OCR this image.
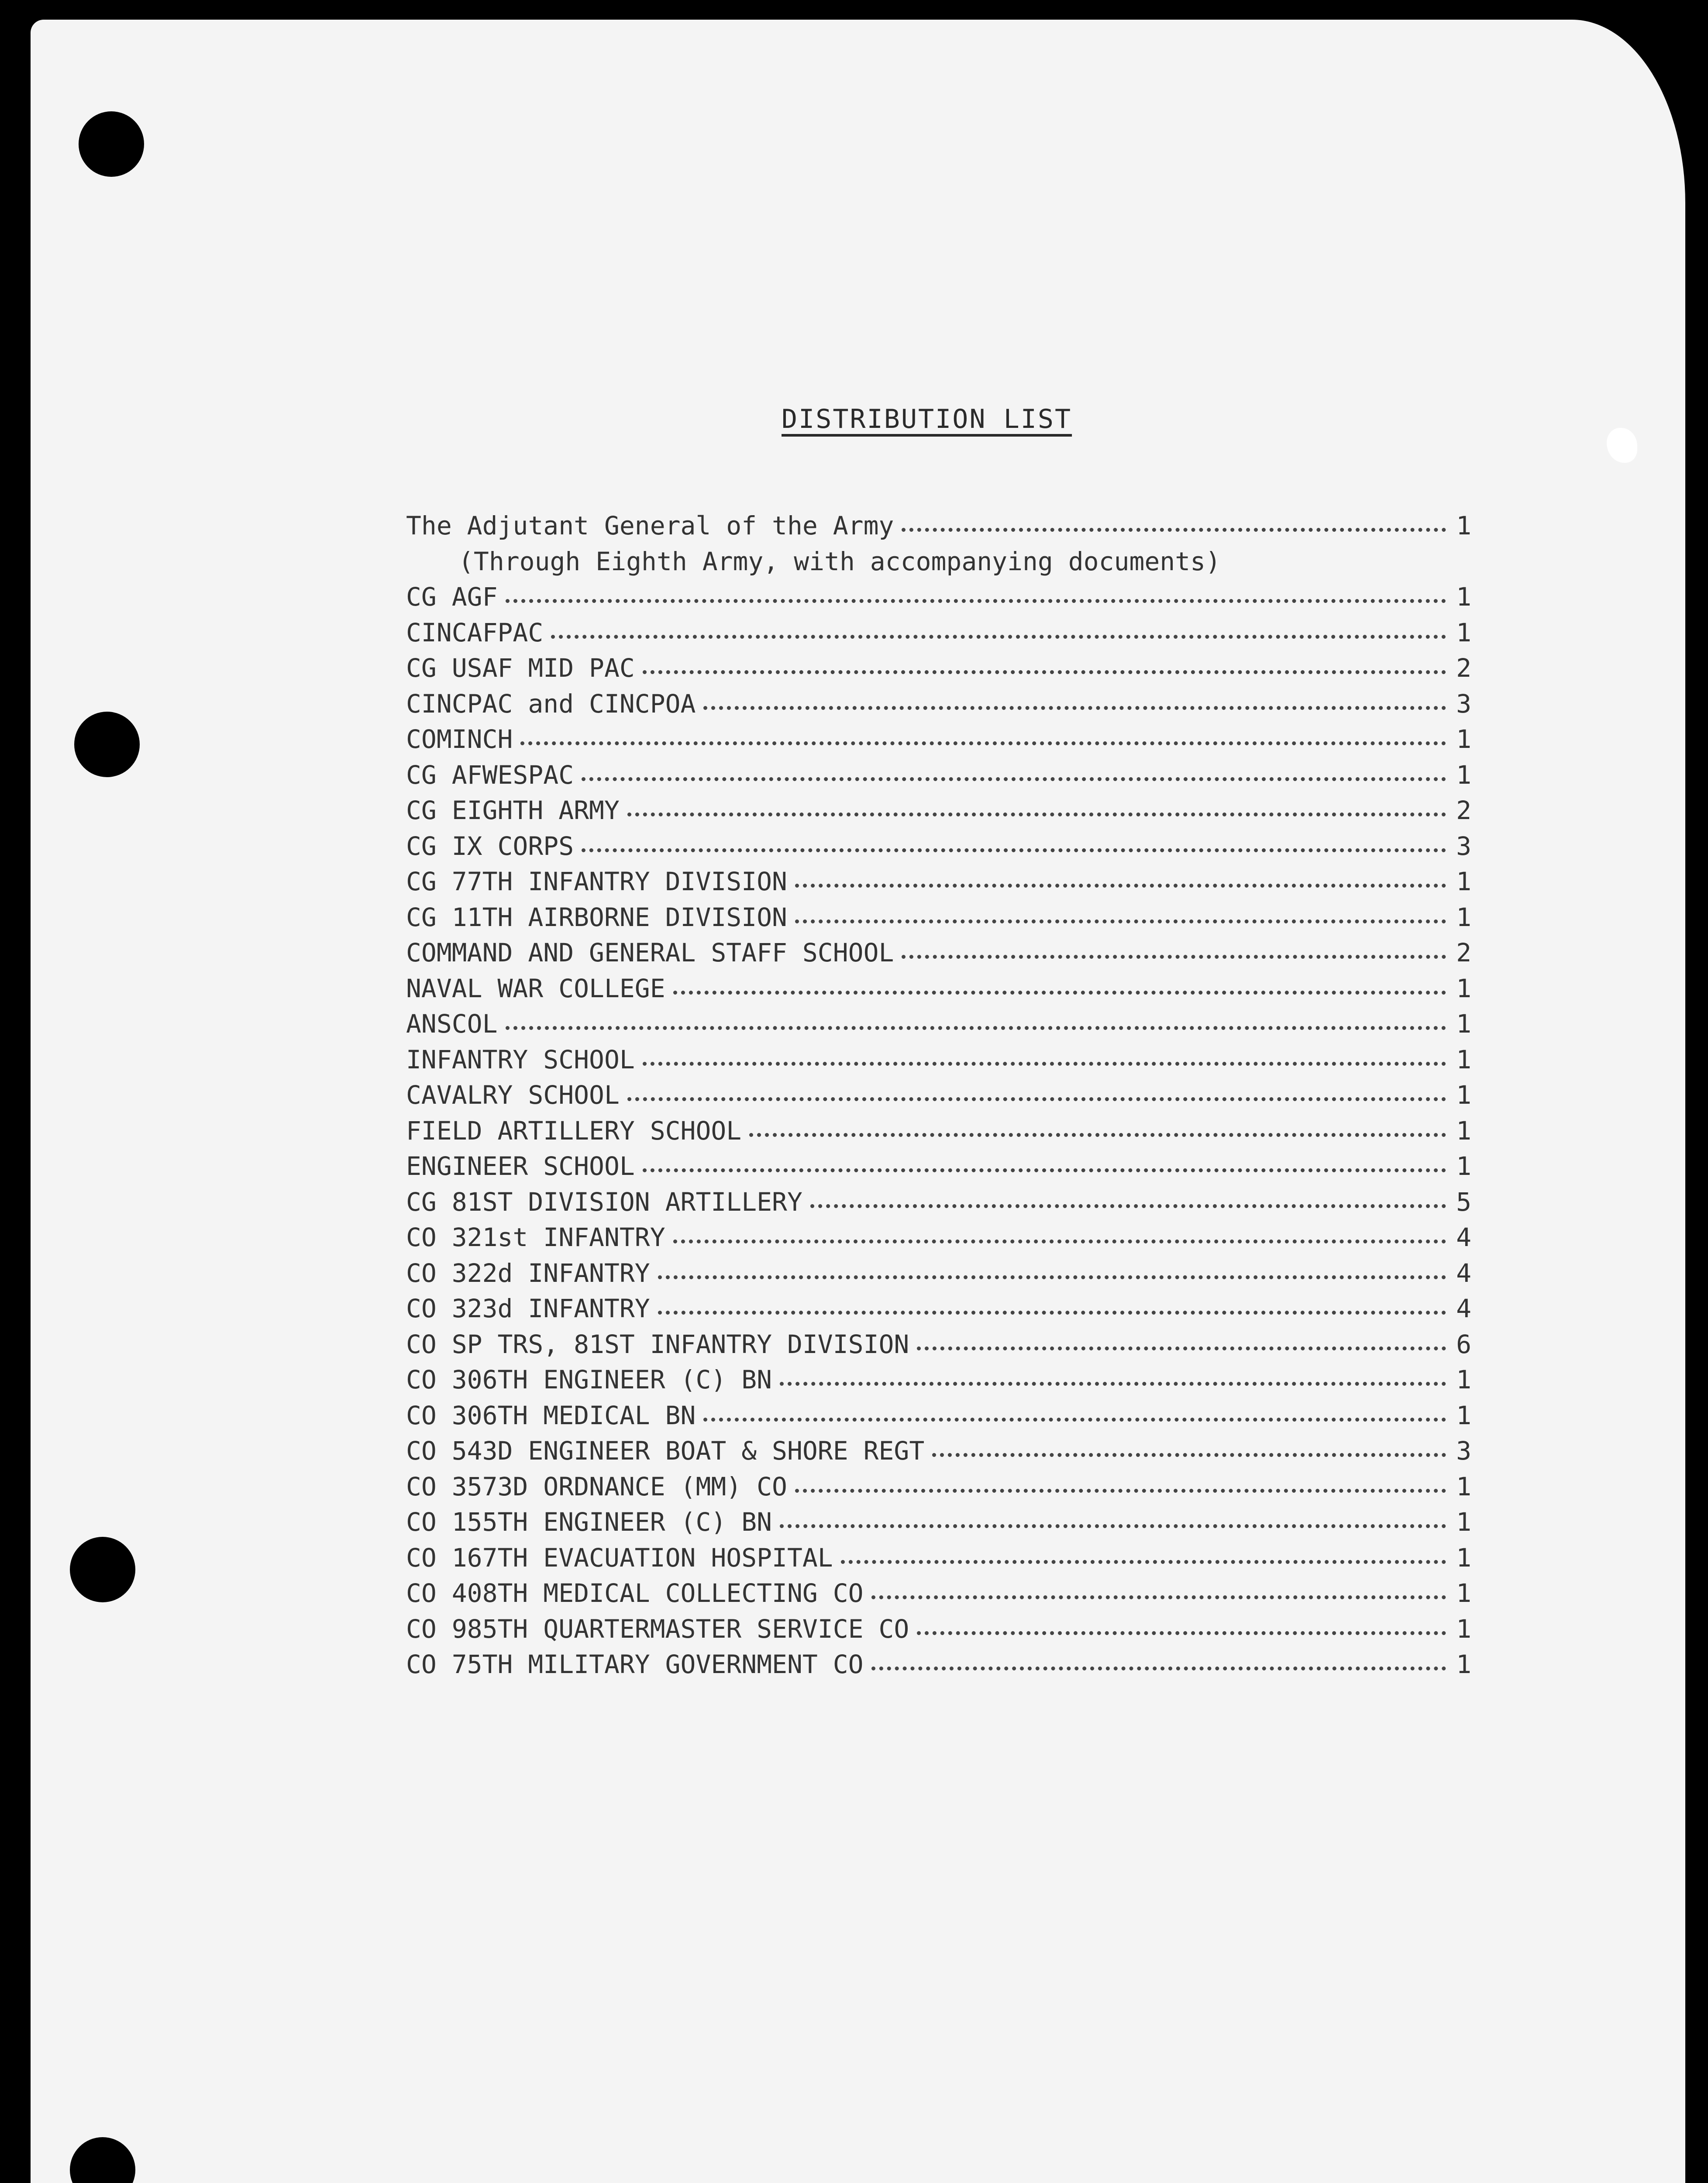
DISTRIBUTION LIST
The Adjutant General of the Army	1
(Through Eighth Army, with accompanying documents)
CG AGF	1
CINCAFPAC	1
CG USAF MID PAC	2
CINCPAC and CINCPOA	3
COMINCH	1
CG AFWESPAC	1
CG EIGHTH ARMY	2
CG IX CORPS	3
CG 77TH INFANTRY DIVISION	1
CG 11TH AIRBORNE DIVISION	1
COMMAND AND GENERAL STAFF SCHOOL	2
NAVAL WAR COLLEGE	1
ANSCOL	1
INFANTRY SCHOOL	1
CAVALRY SCHOOL	1
FIELD ARTILLERY SCHOOL	1
ENGINEER SCHOOL	1
CG 81ST DIVISION ARTILLERY	5
CO 321st INFANTRY	4
CO 322d INFANTRY	4
CO 323d INFANTRY	4
CO SP TRS, 81ST INFANTRY DIVISION	6
CO 306TH ENGINEER (C) BN	1
CO 306TH MEDICAL BN	1
CO 543D ENGINEER BOAT & SHORE REGT	3
CO 3573D ORDNANCE (MM) CO	1
CO 155TH ENGINEER (C) BN	1
CO 167TH EVACUATION HOSPITAL	1
CO 408TH MEDICAL COLLECTING CO	1
CO 985TH QUARTERMASTER SERVICE CO	1
CO 75TH MILITARY GOVERNMENT CO	1
